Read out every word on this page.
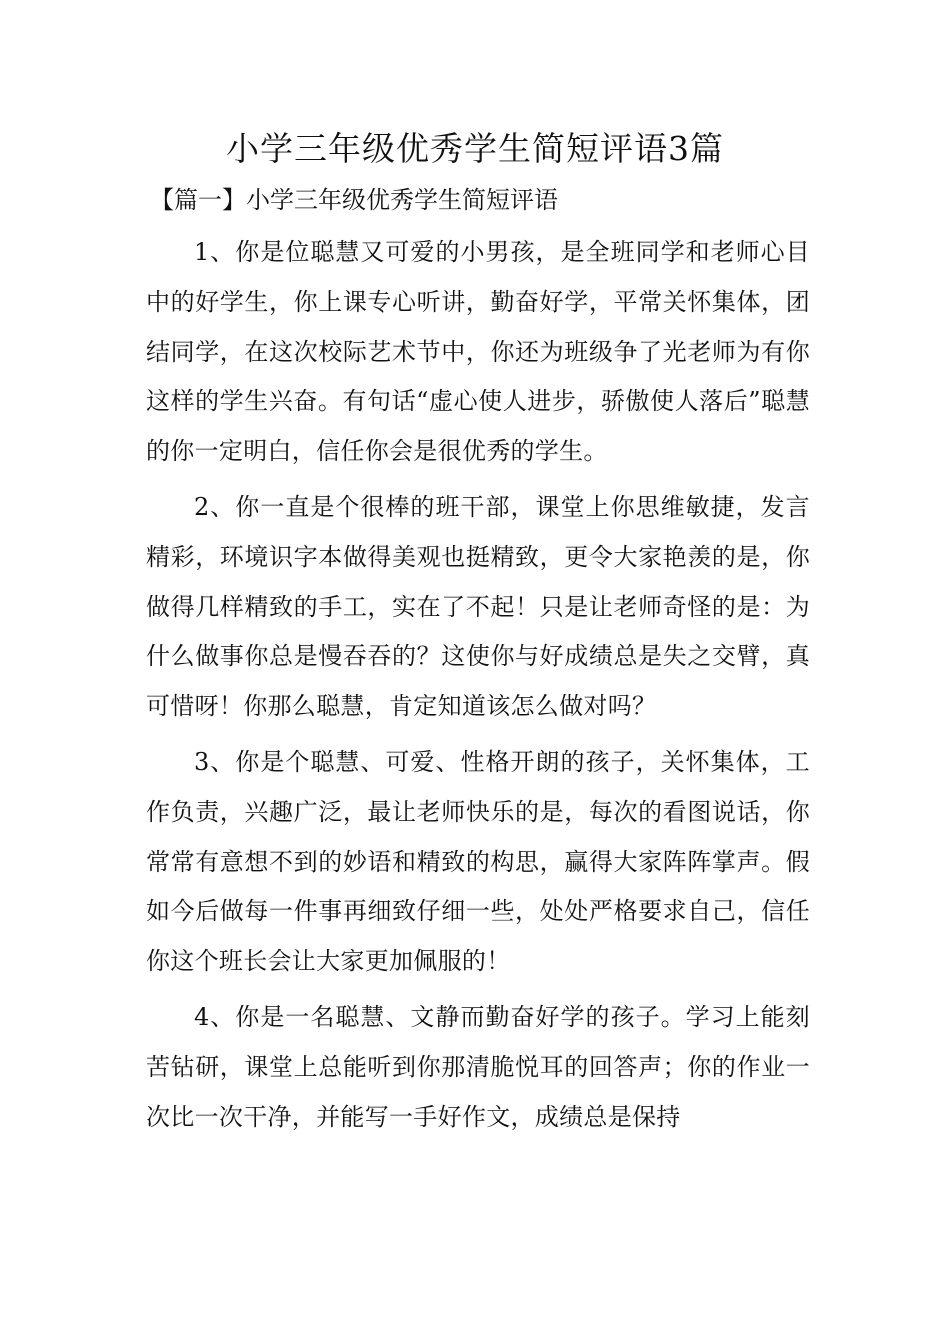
小学三年级优秀学生简短评语3篇
【篇一】小学三年级优秀学生简短评语

1、你是位聪慧又可爱的小男孩，是全班同学和老师心目中的好学生，你上课专心听讲，勤奋好学，平常关怀集体，团结同学，在这次校际艺术节中，你还为班级争了光老师为有你这样的学生兴奋。有句话“虚心使人进步，骄傲使人落后”聪慧的你一定明白，信任你会是很优秀的学生。

2、你一直是个很棒的班干部，课堂上你思维敏捷，发言精彩，环境识字本做得美观也挺精致，更令大家艳羡的是，你做得几样精致的手工，实在了不起！只是让老师奇怪的是：为什么做事你总是慢吞吞的？这使你与好成绩总是失之交臂，真可惜呀！你那么聪慧，肯定知道该怎么做对吗？

3、你是个聪慧、可爱、性格开朗的孩子，关怀集体，工作负责，兴趣广泛，最让老师快乐的是，每次的看图说话，你常常有意想不到的妙语和精致的构思，赢得大家阵阵掌声。假如今后做每一件事再细致仔细一些，处处严格要求自己，信任你这个班长会让大家更加佩服的！

4、你是一名聪慧、文静而勤奋好学的孩子。学习上能刻苦钻研，课堂上总能听到你那清脆悦耳的回答声；你的作业一次比一次干净，并能写一手好作文，成绩总是保持
